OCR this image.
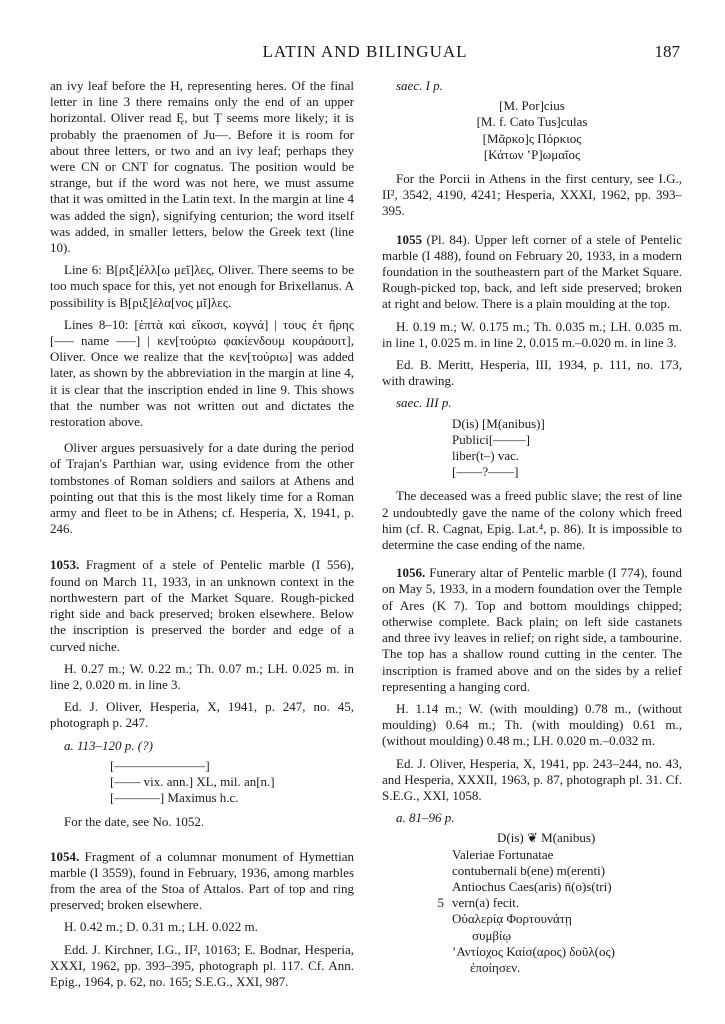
LATIN AND BILINGUAL	187

an ivy leaf before the H, representing heres. Of the final letter in line 3 there remains only the end of an upper horizontal. Oliver read Ę, but Ț seems more likely; it is probably the praenomen of Ju—. Before it is room for about three letters, or two and an ivy leaf; perhaps they were CN or CNT for cognatus. The position would be strange, but if the word was not here, we must assume that it was omitted in the Latin text. In the margin at line 4 was added the sign⟩, signifying centurion; the word itself was added, in smaller letters, below the Greek text (line 10).

Line 6: Β[ριξ]έλλ[ω μεῖ]λες, Oliver. There seems to be too much space for this, yet not enough for Brixellanus. A possibility is Β[ριξ]έλα[νος μῖ]λες.

Lines 8–10: [ἑπτὰ καὶ εἴκοσι, κογνά] | τους ἐτ ἥρης [––– name –––] | κεν[τούριω φακίενδουμ κουράουιτ], Oliver. Once we realize that the κεν[τούριω] was added later, as shown by the abbreviation in the margin at line 4, it is clear that the inscription ended in line 9. This shows that the number was not written out and dictates the restoration above.

Oliver argues persuasively for a date during the period of Trajan's Parthian war, using evidence from the other tombstones of Roman soldiers and sailors at Athens and pointing out that this is the most likely time for a Roman army and fleet to be in Athens; cf. Hesperia, X, 1941, p. 246.

1053. Fragment of a stele of Pentelic marble (I 556), found on March 11, 1933, in an unknown context in the northwestern part of the Market Square. Rough-picked right side and back preserved; broken elsewhere. Below the inscription is preserved the border and edge of a curved niche.

H. 0.27 m.; W. 0.22 m.; Th. 0.07 m.; LH. 0.025 m. in line 2, 0.020 m. in line 3.

Ed. J. Oliver, Hesperia, X, 1941, p. 247, no. 45, photograph p. 247.

a. 113–120 p. (?)
[––––––––––––––]
[–––– vix. ann.] XL, mil. an[n.]
[–––––––] Maximus h.c.

For the date, see No. 1052.

1054. Fragment of a columnar monument of Hymettian marble (I 3559), found in February, 1936, among marbles from the area of the Stoa of Attalos. Part of top and ring preserved; broken elsewhere.

H. 0.42 m.; D. 0.31 m.; LH. 0.022 m.

Edd. J. Kirchner, I.G., II², 10163; E. Bodnar, Hesperia, XXXI, 1962, pp. 393–395, photograph pl. 117. Cf. Ann. Epig., 1964, p. 62, no. 165; S.E.G., XXI, 987.

saec. I p.
[M. Por]cius
[M. f. Cato Tus]culas
[Μᾶρκο]ς Πόρκιος
[Κάτων ʽΡ]ωμαῖος

For the Porcii in Athens in the first century, see I.G., II², 3542, 4190, 4241; Hesperia, XXXI, 1962, pp. 393–395.

1055 (Pl. 84). Upper left corner of a stele of Pentelic marble (I 488), found on February 20, 1933, in a modern foundation in the southeastern part of the Market Square. Rough-picked top, back, and left side preserved; broken at right and below. There is a plain moulding at the top.

H. 0.19 m.; W. 0.175 m.; Th. 0.035 m.; LH. 0.035 m. in line 1, 0.025 m. in line 2, 0.015 m.–0.020 m. in line 3.

Ed. B. Meritt, Hesperia, III, 1934, p. 111, no. 173, with drawing.

saec. III p.
D(is) [M(anibus)]
Publici[–––––]
liber(t–) vac.
[––––?––––]

The deceased was a freed public slave; the rest of line 2 undoubtedly gave the name of the colony which freed him (cf. R. Cagnat, Epig. Lat.⁴, p. 86). It is impossible to determine the case ending of the name.

1056. Funerary altar of Pentelic marble (I 774), found on May 5, 1933, in a modern foundation over the Temple of Ares (K 7). Top and bottom mouldings chipped; otherwise complete. Back plain; on left side castanets and three ivy leaves in relief; on right side, a tambourine. The top has a shallow round cutting in the center. The inscription is framed above and on the sides by a relief representing a hanging cord.

H. 1.14 m.; W. (with moulding) 0.78 m., (without moulding) 0.64 m.; Th. (with moulding) 0.61 m., (without moulding) 0.48 m.; LH. 0.020 m.–0.032 m.

Ed. J. Oliver, Hesperia, X, 1941, pp. 243–244, no. 43, and Hesperia, XXXII, 1963, p. 87, photograph pl. 31. Cf. S.E.G., XXI, 1058.

a. 81–96 p.
D(is) ❦ M(anibus)
Valeriae Fortunatae
contubernali b(ene) m(erenti)
Antiochus Caes(aris) n̄(o)s(tri)
5 vern(a) fecit.
Οὐαλερίᾳ Φορτουνάτῃ
συμβίῳ
ʼΑντίοχος Καίσ(αρος) δοῦλ(ος)
ἐποίησεν.
